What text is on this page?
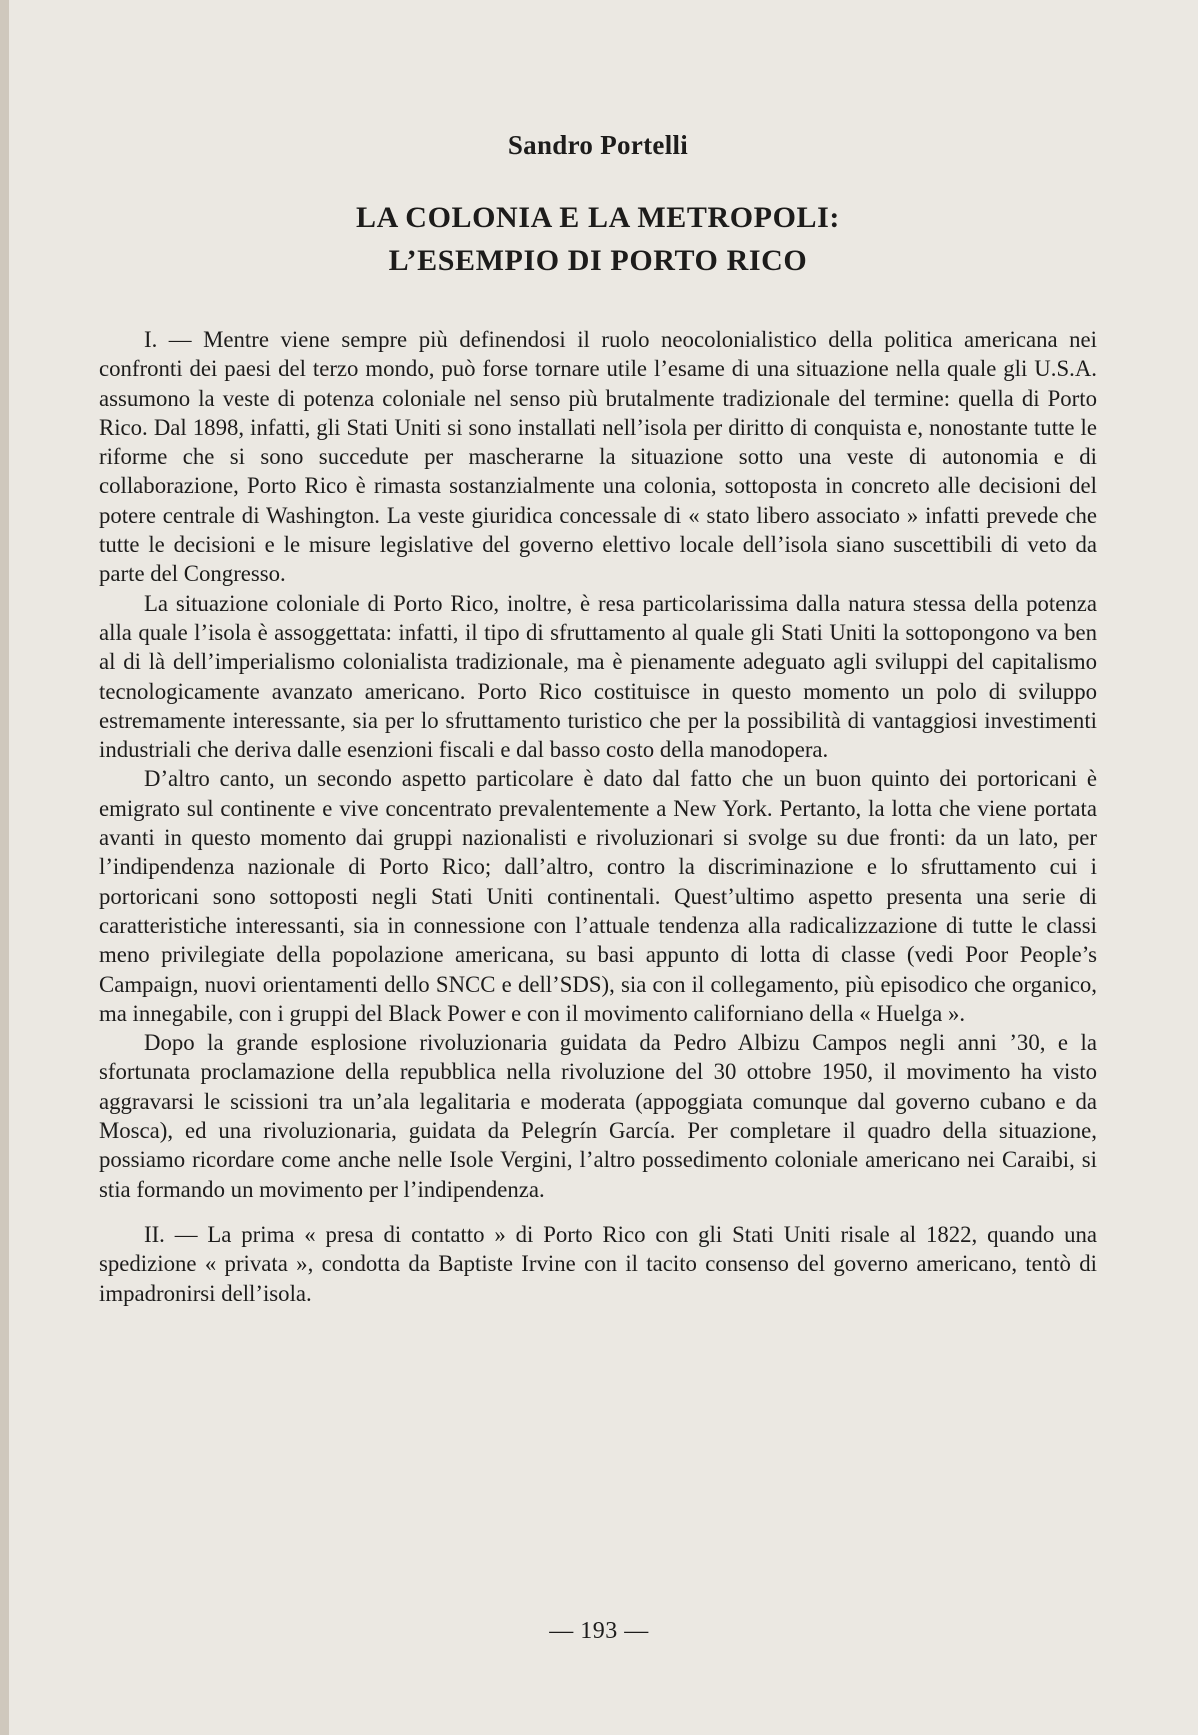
Sandro Portelli
LA COLONIA E LA METROPOLI:
L’ESEMPIO DI PORTO RICO

I. — Mentre viene sempre più definendosi il ruolo neocolonialistico della politica americana nei confronti dei paesi del terzo mondo, può forse tornare utile l’esame di una situazione nella quale gli U.S.A. assumono la veste di potenza coloniale nel senso più brutalmente tradizionale del termine: quella di Porto Rico. Dal 1898, infatti, gli Stati Uniti si sono installati nell’isola per diritto di conquista e, nonostante tutte le riforme che si sono succedute per mascherarne la situazione sotto una veste di autonomia e di collaborazione, Porto Rico è rimasta sostanzialmente una colonia, sottoposta in concreto alle decisioni del potere centrale di Washington. La veste giuridica concessale di « stato libero associato » infatti prevede che tutte le decisioni e le misure legislative del governo elettivo locale dell’isola siano suscettibili di veto da parte del Congresso.

La situazione coloniale di Porto Rico, inoltre, è resa particolarissima dalla natura stessa della potenza alla quale l’isola è assoggettata: infatti, il tipo di sfruttamento al quale gli Stati Uniti la sottopongono va ben al di là dell’imperialismo colonialista tradizionale, ma è pienamente adeguato agli sviluppi del capitalismo tecnologicamente avanzato americano. Porto Rico costituisce in questo momento un polo di sviluppo estremamente interessante, sia per lo sfruttamento turistico che per la possibilità di vantaggiosi investimenti industriali che deriva dalle esenzioni fiscali e dal basso costo della manodopera.

D’altro canto, un secondo aspetto particolare è dato dal fatto che un buon quinto dei portoricani è emigrato sul continente e vive concentrato prevalentemente a New York. Pertanto, la lotta che viene portata avanti in questo momento dai gruppi nazionalisti e rivoluzionari si svolge su due fronti: da un lato, per l’indipendenza nazionale di Porto Rico; dall’altro, contro la discriminazione e lo sfruttamento cui i portoricani sono sottoposti negli Stati Uniti continentali. Quest’ultimo aspetto presenta una serie di caratteristiche interessanti, sia in connessione con l’attuale tendenza alla radicalizzazione di tutte le classi meno privilegiate della popolazione americana, su basi appunto di lotta di classe (vedi Poor People’s Campaign, nuovi orientamenti dello SNCC e dell’SDS), sia con il collegamento, più episodico che organico, ma innegabile, con i gruppi del Black Power e con il movimento californiano della « Huelga ».

Dopo la grande esplosione rivoluzionaria guidata da Pedro Albizu Campos negli anni ’30, e la sfortunata proclamazione della repubblica nella rivoluzione del 30 ottobre 1950, il movimento ha visto aggravarsi le scissioni tra un’ala legalitaria e moderata (appoggiata comunque dal governo cubano e da Mosca), ed una rivoluzionaria, guidata da Pelegrín García. Per completare il quadro della situazione, possiamo ricordare come anche nelle Isole Vergini, l’altro possedimento coloniale americano nei Caraibi, si stia formando un movimento per l’indipendenza.

II. — La prima « presa di contatto » di Porto Rico con gli Stati Uniti risale al 1822, quando una spedizione « privata », condotta da Baptiste Irvine con il tacito consenso del governo americano, tentò di impadronirsi dell’isola.

— 193 —
